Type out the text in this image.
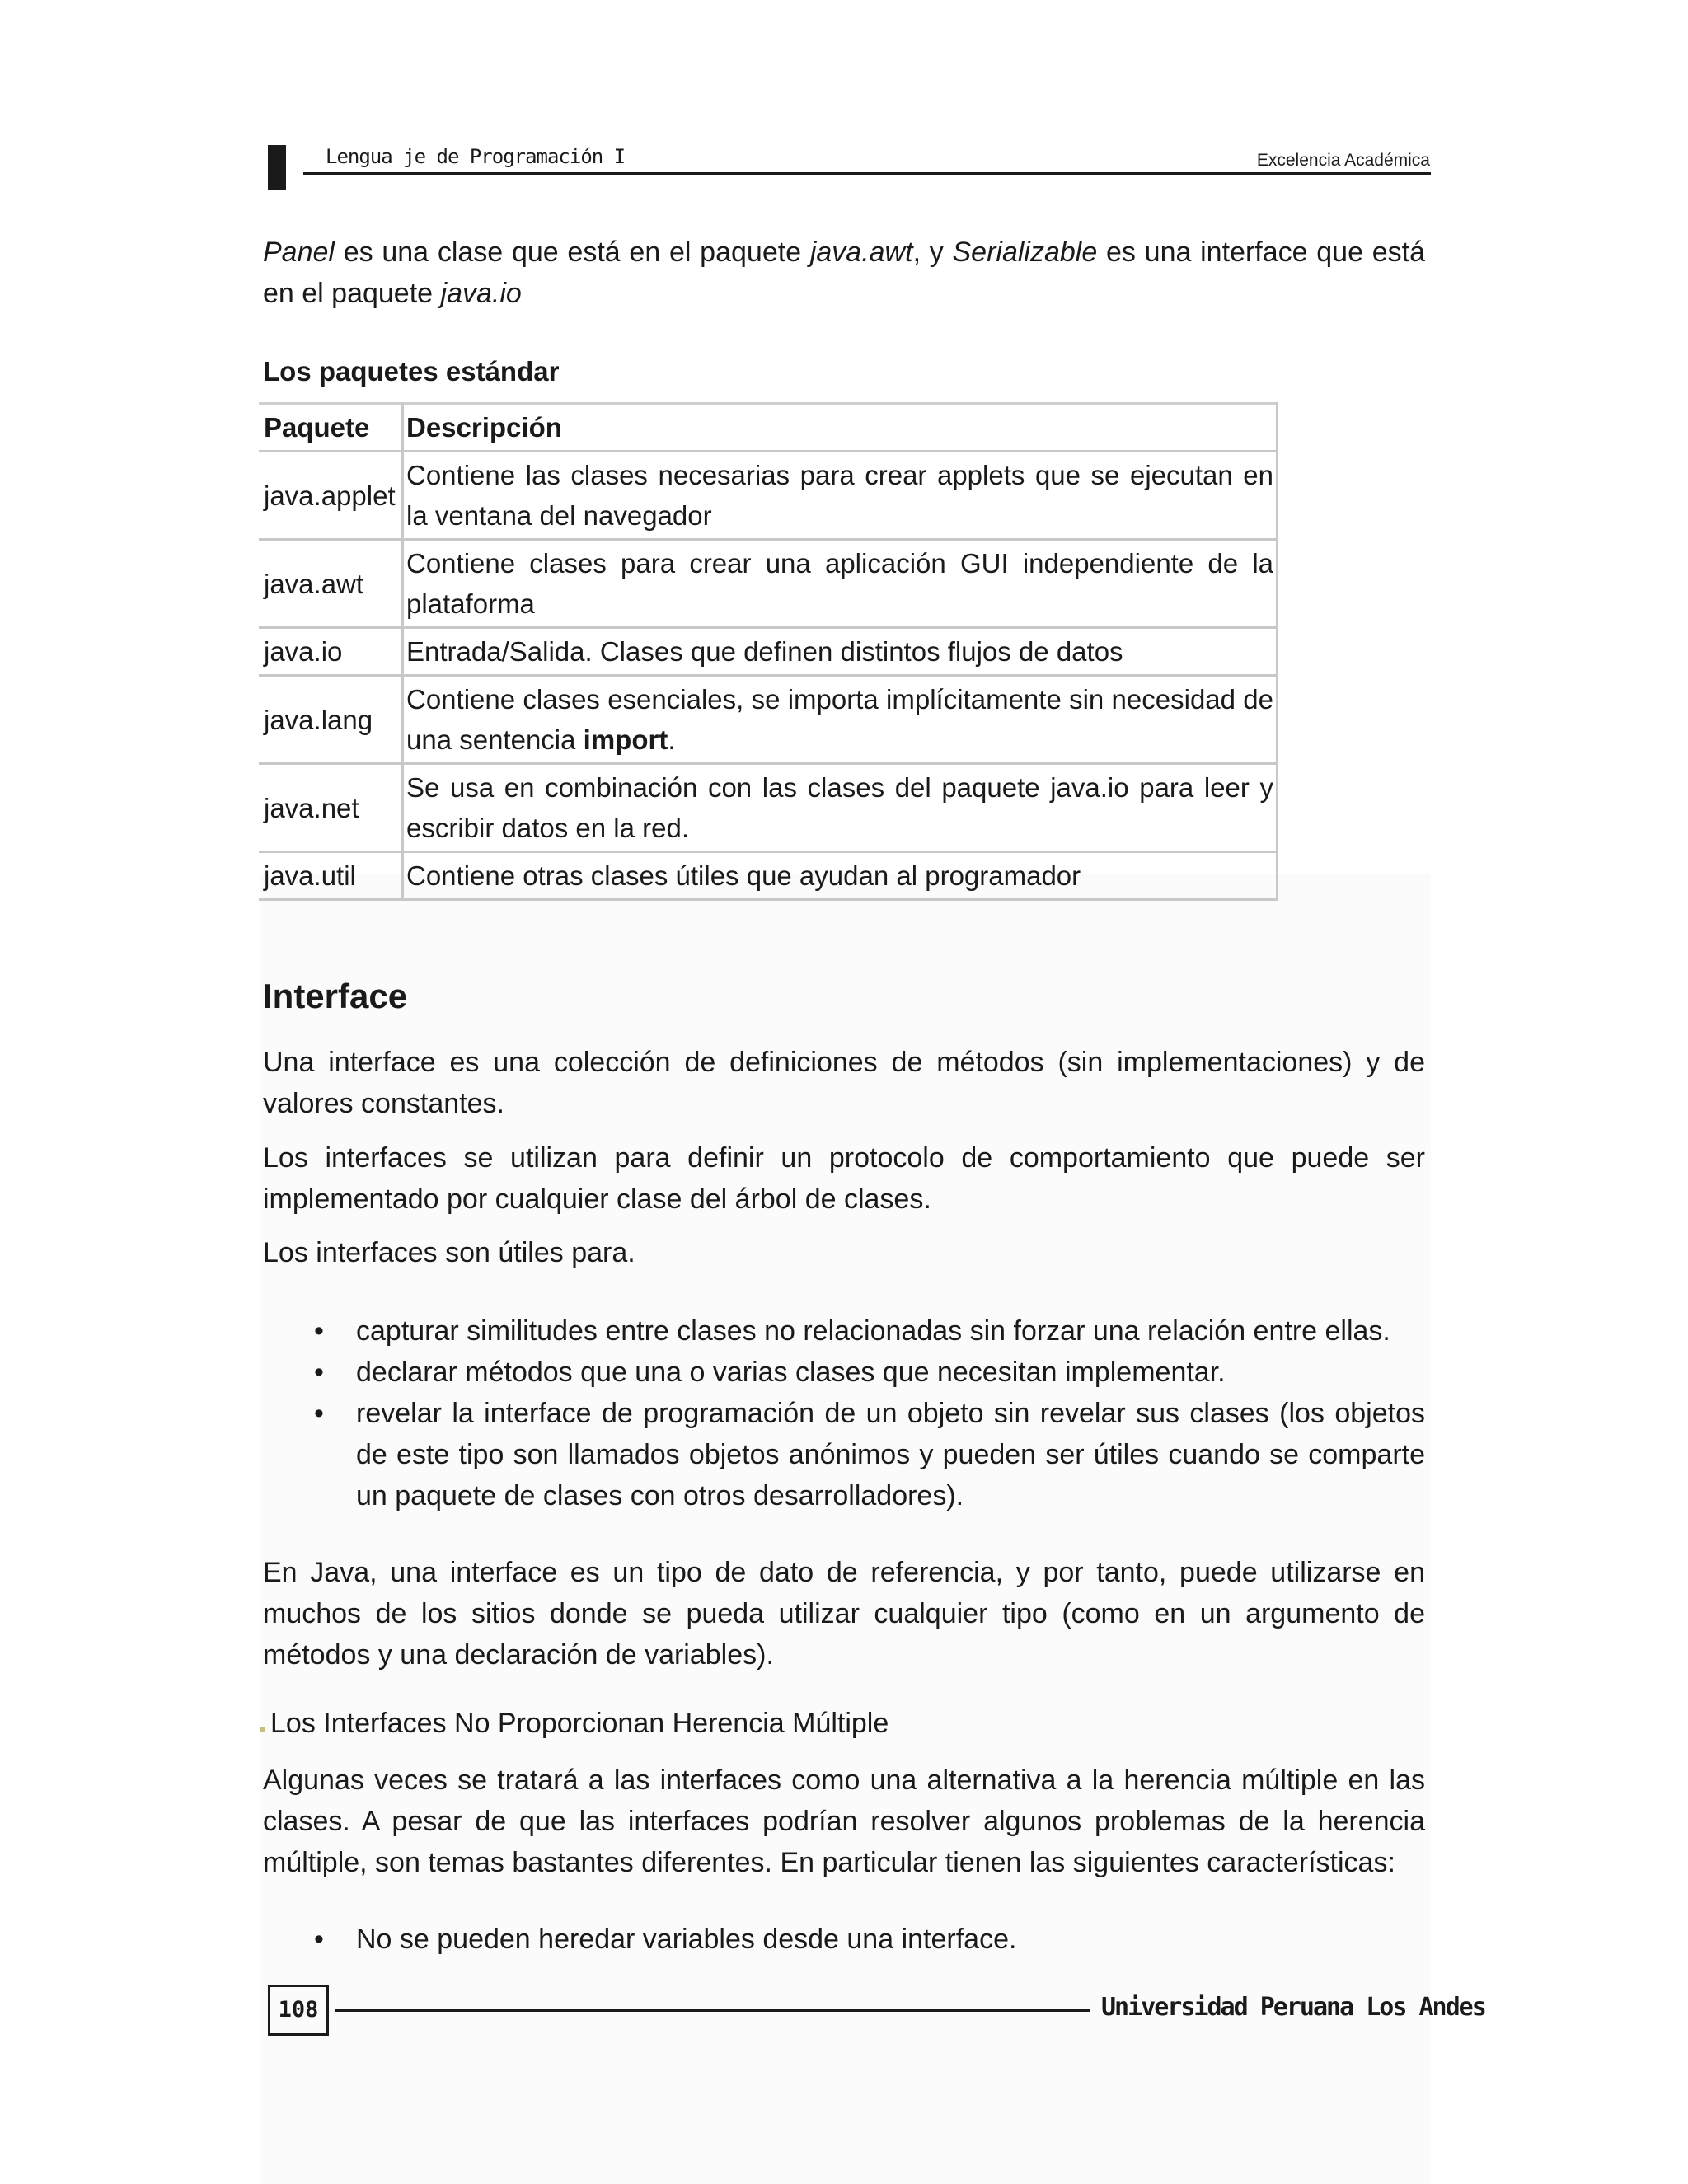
Lengua je de Programación I	Excelencia Académica

Panel es una clase que está en el paquete java.awt, y Serializable es una interface que está en el paquete java.io

Los paquetes estándar
Paquete	Descripción
java.applet	Contiene las clases necesarias para crear applets que se ejecutan en la ventana del navegador
java.awt	Contiene clases para crear una aplicación GUI independiente de la plataforma
java.io	Entrada/Salida. Clases que definen distintos flujos de datos
java.lang	Contiene clases esenciales, se importa implícitamente sin necesidad de una sentencia import.
java.net	Se usa en combinación con las clases del paquete java.io para leer y escribir datos en la red.
java.util	Contiene otras clases útiles que ayudan al programador
Interface

Una interface es una colección de definiciones de métodos (sin implementaciones) y de valores constantes.

Los interfaces se utilizan para definir un protocolo de comportamiento que puede ser implementado por cualquier clase del árbol de clases.

Los interfaces son útiles para.

• capturar similitudes entre clases no relacionadas sin forzar una relación entre ellas.
• declarar métodos que una o varias clases que necesitan implementar.
• revelar la interface de programación de un objeto sin revelar sus clases (los objetos de este tipo son llamados objetos anónimos y pueden ser útiles cuando se comparte un paquete de clases con otros desarrolladores).

En Java, una interface es un tipo de dato de referencia, y por tanto, puede utilizarse en muchos de los sitios donde se pueda utilizar cualquier tipo (como en un argumento de métodos y una declaración de variables).

Los Interfaces No Proporcionan Herencia Múltiple

Algunas veces se tratará a las interfaces como una alternativa a la herencia múltiple en las clases. A pesar de que las interfaces podrían resolver algunos problemas de la herencia múltiple, son temas bastantes diferentes. En particular tienen las siguientes características:

• No se pueden heredar variables desde una interface.
108	Universidad Peruana Los Andes
